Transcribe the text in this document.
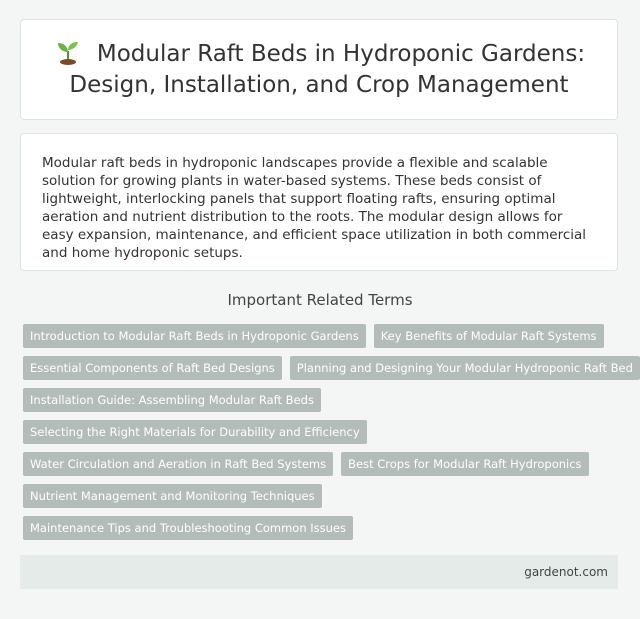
Modular Raft Beds in Hydroponic Gardens:
Design, Installation, and Crop Management

Modular raft beds in hydroponic landscapes provide a flexible and scalable solution for growing plants in water-based systems. These beds consist of lightweight, interlocking panels that support floating rafts, ensuring optimal aeration and nutrient distribution to the roots. The modular design allows for easy expansion, maintenance, and efficient space utilization in both commercial and home hydroponic setups.

Important Related Terms
Introduction to Modular Raft Beds in Hydroponic Gardens	Key Benefits of Modular Raft Systems
Essential Components of Raft Bed Designs	Planning and Designing Your Modular Hydroponic Raft Bed
Installation Guide: Assembling Modular Raft Beds
Selecting the Right Materials for Durability and Efficiency
Water Circulation and Aeration in Raft Bed Systems	Best Crops for Modular Raft Hydroponics
Nutrient Management and Monitoring Techniques
Maintenance Tips and Troubleshooting Common Issues
gardenot.com
